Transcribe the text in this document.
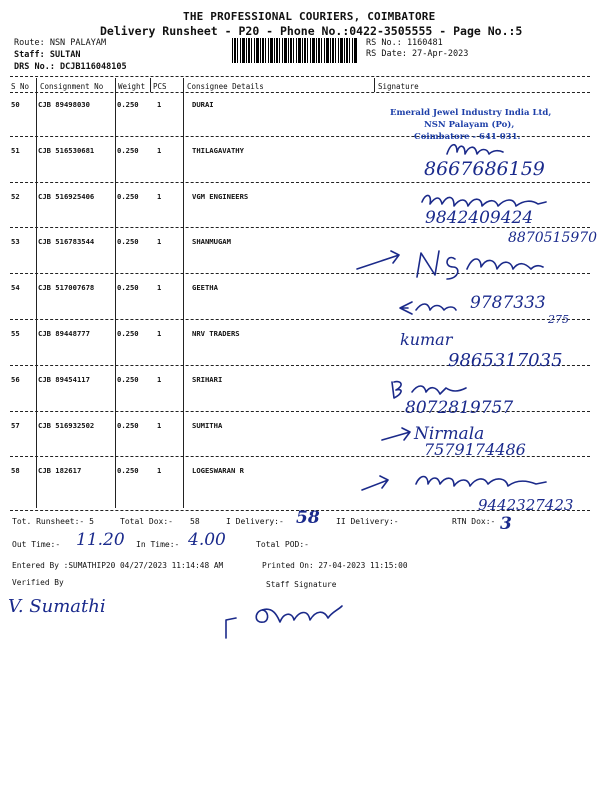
THE PROFESSIONAL COURIERS, COIMBATORE
Delivery Runsheet - P20 - Phone No.:0422-3505555 - Page No.:5
Route: NSN PALAYAM
Staff: SULTAN
DRS No.: DCJB116048105
RS No.: 1160481
RS Date: 27-Apr-2023
S No Consignment No Weight PCS	Consignee Details	Signature
50	CJB 89498030	0.250	1	DURAI
51	CJB 516530681	0.250	1	THILAGAVATHY
52	CJB 516925406	0.250	1	VGM ENGINEERS
53	CJB 516783544	0.250	1	SHANMUGAM
54	CJB 517007678	0.250	1	GEETHA
55	CJB 89448777	0.250	1	NRV TRADERS
56	CJB 89454117	0.250	1	SRIHARI
57	CJB 516932502	0.250	1	SUMITHA
58	CJB 182617	0.250	1	LOGESWARAN R
Emerald Jewel Industry India Ltd,
NSN Palayam (Po),
Coimbatore - 641 031.
8667686159
9842409424
8870515970
9787333
275
kumar
9865317035
8072819757
Nirmala
7579174486
9442327423
Tot. Runsheet:- 5	Total Dox:- 58	I Delivery:- 58 II Delivery:-	RTN Dox:- 3
Out Time:- 11.20 In Time:- 4.00	Total POD:-
Entered By :SUMATHIP20 04/27/2023 11:14:48 AM	Printed On: 27-04-2023 11:15:00
Verified By	Staff Signature
V. Sumathi
